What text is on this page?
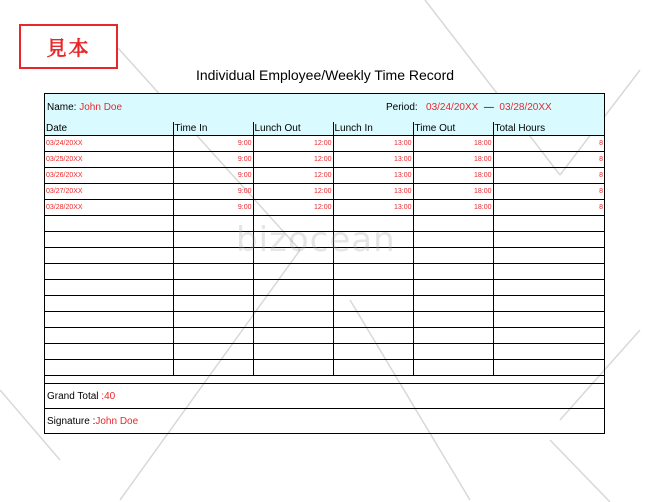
見本
Individual Employee/Weekly Time Record
Name: John Doe	Period: 03/24/20XX — 03/28/20XX
Date	Time In	Lunch Out	Lunch In	Time Out	Total Hours
03/24/20XX	9:00	12:00	13:00	18:00	8
03/25/20XX	9:00	12:00	13:00	18:00	8
03/26/20XX	9:00	12:00	13:00	18:00	8
03/27/20XX	9:00	12:00	13:00	18:00	8
03/28/20XX	9:00	12:00	13:00	18:00	8

Grand Total :40
Signature :John Doe
bizocean
